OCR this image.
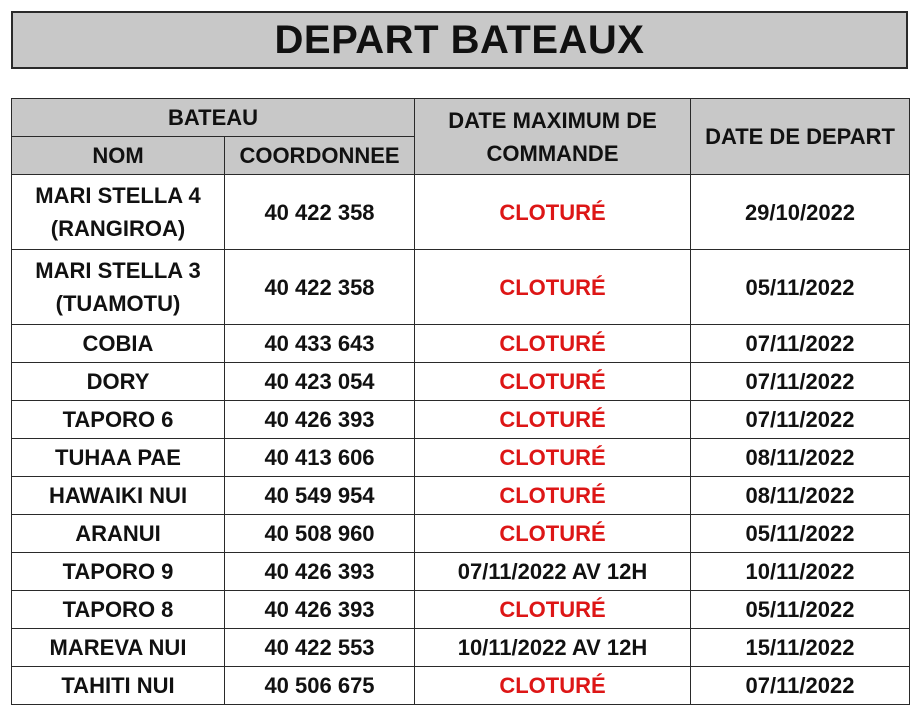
DEPART BATEAUX
BATEAU		DATE MAXIMUM DE COMMANDE	DATE DE DEPART
NOM	COORDONNEE		

MARI STELLA 4
(RANGIROA)	40 422 358	CLOTURÉ	29/10/2022

MARI STELLA 3
(TUAMOTU)	40 422 358	CLOTURÉ	05/11/2022

COBIA	40 433 643	CLOTURÉ	07/11/2022

DORY	40 423 054	CLOTURÉ	07/11/2022

TAPORO 6	40 426 393	CLOTURÉ	07/11/2022

TUHAA PAE	40 413 606	CLOTURÉ	08/11/2022

HAWAIKI NUI	40 549 954	CLOTURÉ	08/11/2022

ARANUI	40 508 960	CLOTURÉ	05/11/2022

TAPORO 9	40 426 393	07/11/2022 AV 12H	10/11/2022

TAPORO 8	40 426 393	CLOTURÉ	05/11/2022

MAREVA NUI	40 422 553	10/11/2022 AV 12H	15/11/2022

TAHITI NUI	40 506 675	CLOTURÉ	07/11/2022
